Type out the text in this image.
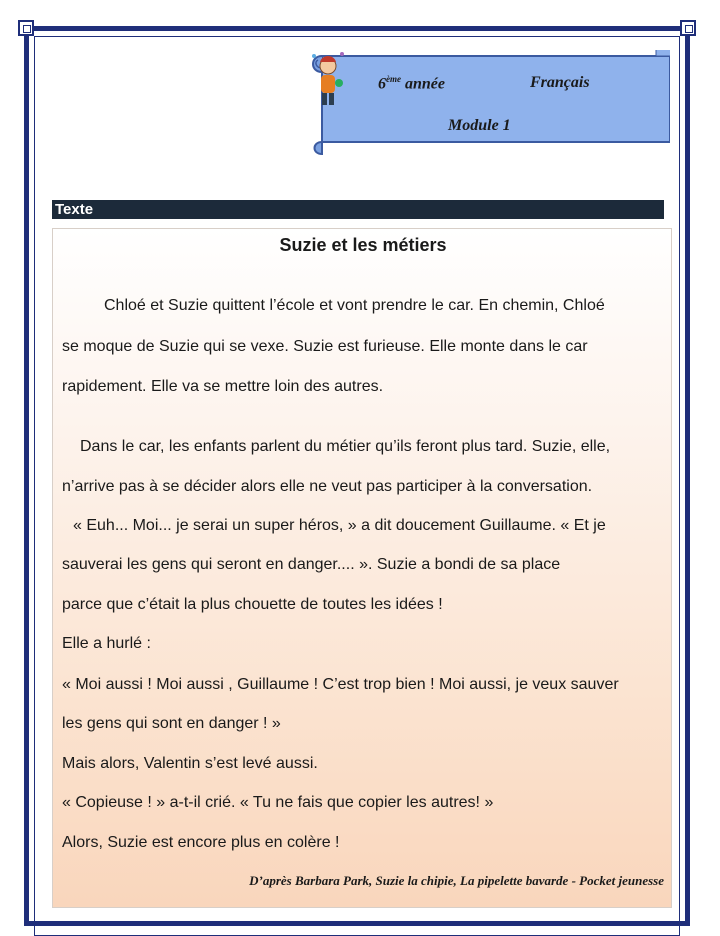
6ème année	Français
Module 1
Texte
Suzie et les métiers
Chloé et Suzie quittent l’école et vont prendre le car. En chemin, Chloé
se moque de Suzie qui se vexe. Suzie est furieuse. Elle monte dans le car
rapidement. Elle va se mettre loin des autres.
Dans le car, les enfants parlent du métier qu’ils feront plus tard. Suzie, elle,
n’arrive pas à se décider alors elle ne veut pas participer à la conversation.
« Euh... Moi... je serai un super héros, » a dit doucement Guillaume. « Et je
sauverai les gens qui seront en danger.... ». Suzie a bondi de sa place
parce que c’était la plus chouette de toutes les idées !
Elle a hurlé :
« Moi aussi ! Moi aussi , Guillaume ! C’est trop bien ! Moi aussi, je veux sauver
les gens qui sont en danger ! »
Mais alors, Valentin s’est levé aussi.
« Copieuse ! » a-t-il crié. « Tu ne fais que copier les autres! »
Alors, Suzie est encore plus en colère !
D’après Barbara Park, Suzie la chipie, La pipelette bavarde - Pocket jeunesse
